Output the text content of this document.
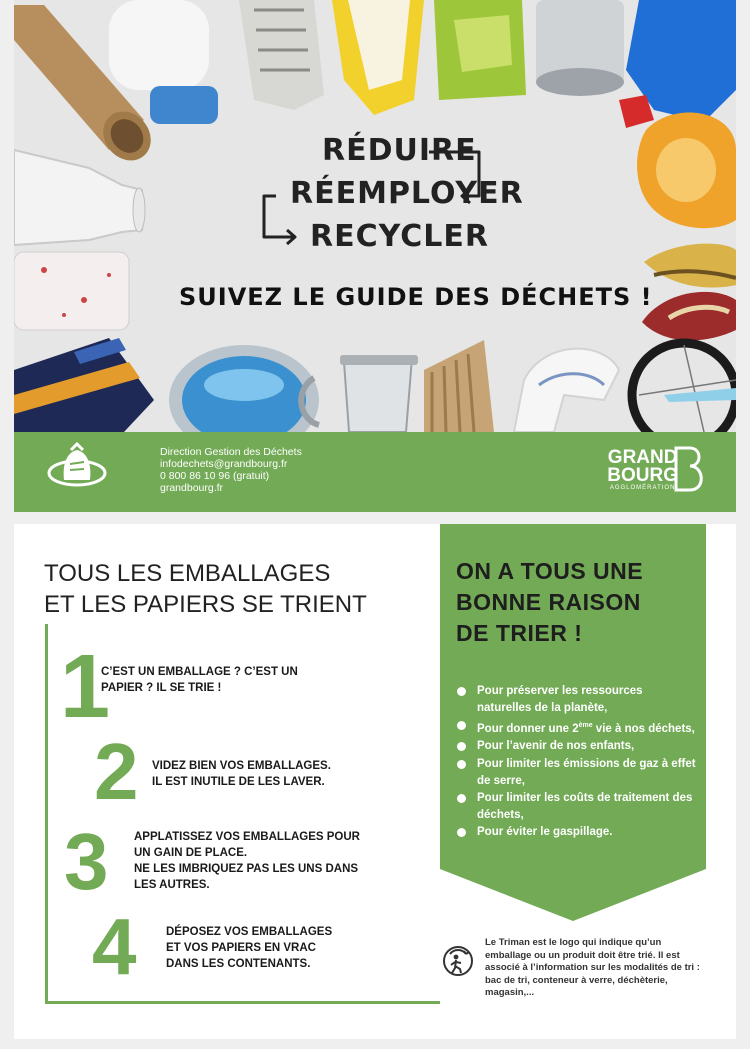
RÉDUIRE
RÉEMPLOYER
RECYCLER
SUIVEZ LE GUIDE DES DÉCHETS !
Direction Gestion des Déchets
infodechets@grandbourg.fr
0 800 86 10 96 (gratuit)
grandbourg.fr
GRAND
BOURG
AGGLOMÉRATION
TOUS LES EMBALLAGES
ET LES PAPIERS SE TRIENT
1
C’EST UN EMBALLAGE ? C’EST UN
PAPIER ? IL SE TRIE !
2 VIDEZ BIEN VOS EMBALLAGES.
IL EST INUTILE DE LES LAVER.
3 APPLATISSEZ VOS EMBALLAGES POUR
UN GAIN DE PLACE.
NE LES IMBRIQUEZ PAS LES UNS DANS
LES AUTRES.
4	DÉPOSEZ VOS EMBALLAGES
ET VOS PAPIERS EN VRAC
DANS LES CONTENANTS.
ON A TOUS UNE
BONNE RAISON
DE TRIER !
Pour préserver les ressources naturelles de la planète,
Pour donner une 2ème vie à nos déchets,
Pour l’avenir de nos enfants,
Pour limiter les émissions de gaz à effet de serre,
Pour limiter les coûts de traitement des déchets,
Pour éviter le gaspillage.
Le Triman est le logo qui indique qu’un emballage ou un produit doit être trié. Il est associé à l’information sur les modalités de tri : bac de tri, conteneur à verre, déchèterie, magasin,...
